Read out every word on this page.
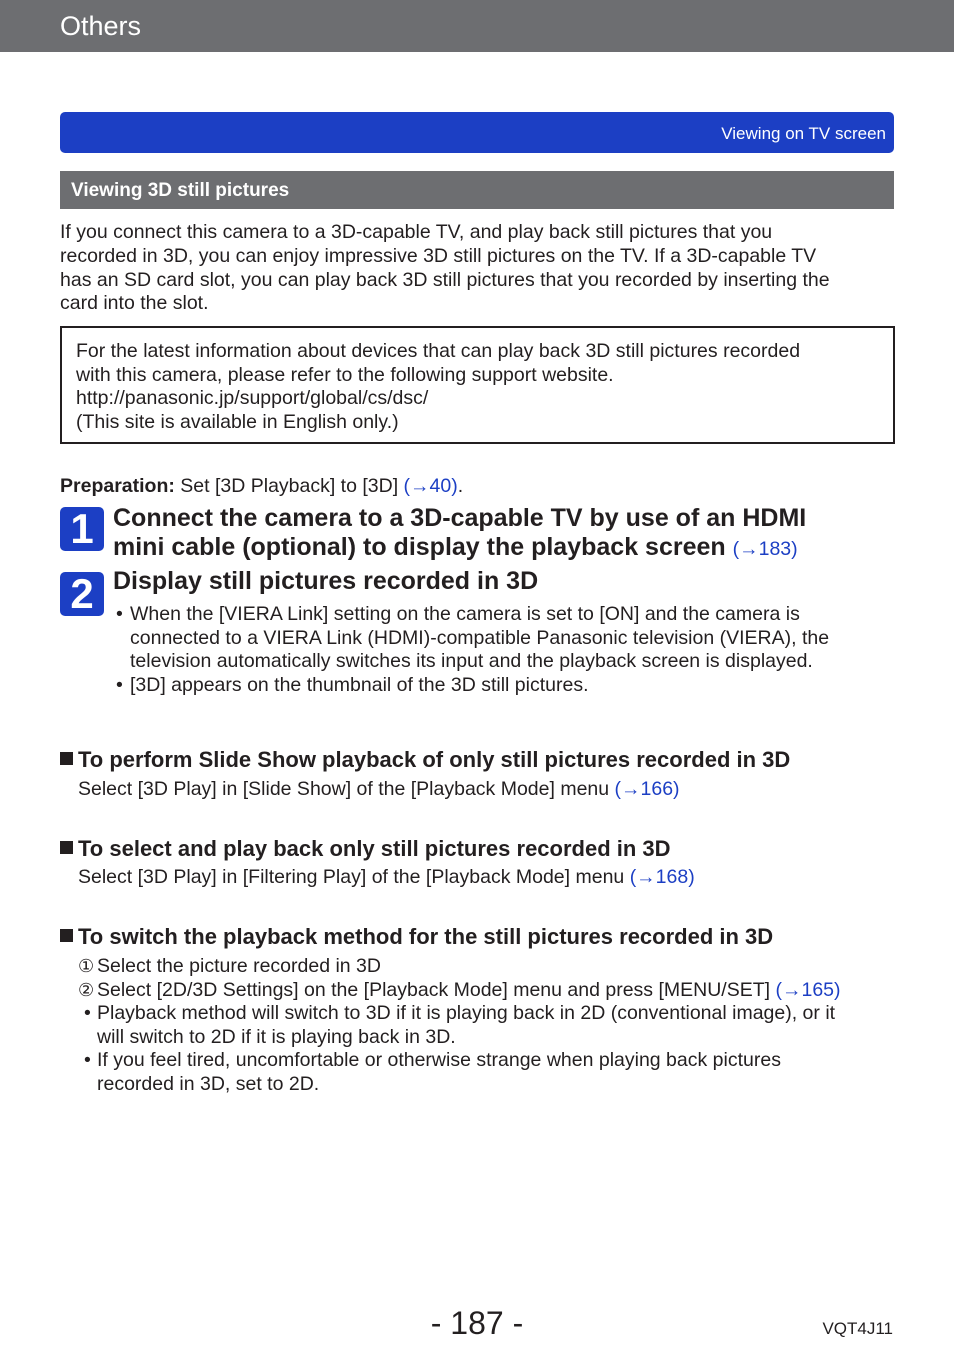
Others
Viewing on TV screen
Viewing 3D still pictures
If you connect this camera to a 3D-capable TV, and play back still pictures that you
recorded in 3D, you can enjoy impressive 3D still pictures on the TV. If a 3D-capable TV
has an SD card slot, you can play back 3D still pictures that you recorded by inserting the
card into the slot.
For the latest information about devices that can play back 3D still pictures recorded
with this camera, please refer to the following support website.
http://panasonic.jp/support/global/cs/dsc/
(This site is available in English only.)
Preparation: Set [3D Playback] to [3D] (→40).
1 Connect the camera to a 3D-capable TV by use of an HDMI
mini cable (optional) to display the playback screen (→183)
2 Display still pictures recorded in 3D
• When the [VIERA Link] setting on the camera is set to [ON] and the camera is
connected to a VIERA Link (HDMI)-compatible Panasonic television (VIERA), the
television automatically switches its input and the playback screen is displayed.
• [3D] appears on the thumbnail of the 3D still pictures.
To perform Slide Show playback of only still pictures recorded in 3D
Select [3D Play] in [Slide Show] of the [Playback Mode] menu (→166)
To select and play back only still pictures recorded in 3D
Select [3D Play] in [Filtering Play] of the [Playback Mode] menu (→168)
To switch the playback method for the still pictures recorded in 3D
① Select the picture recorded in 3D
② Select [2D/3D Settings] on the [Playback Mode] menu and press [MENU/SET] (→165)
• Playback method will switch to 3D if it is playing back in 2D (conventional image), or it
will switch to 2D if it is playing back in 3D.
• If you feel tired, uncomfortable or otherwise strange when playing back pictures
recorded in 3D, set to 2D.
- 187 -	VQT4J11
